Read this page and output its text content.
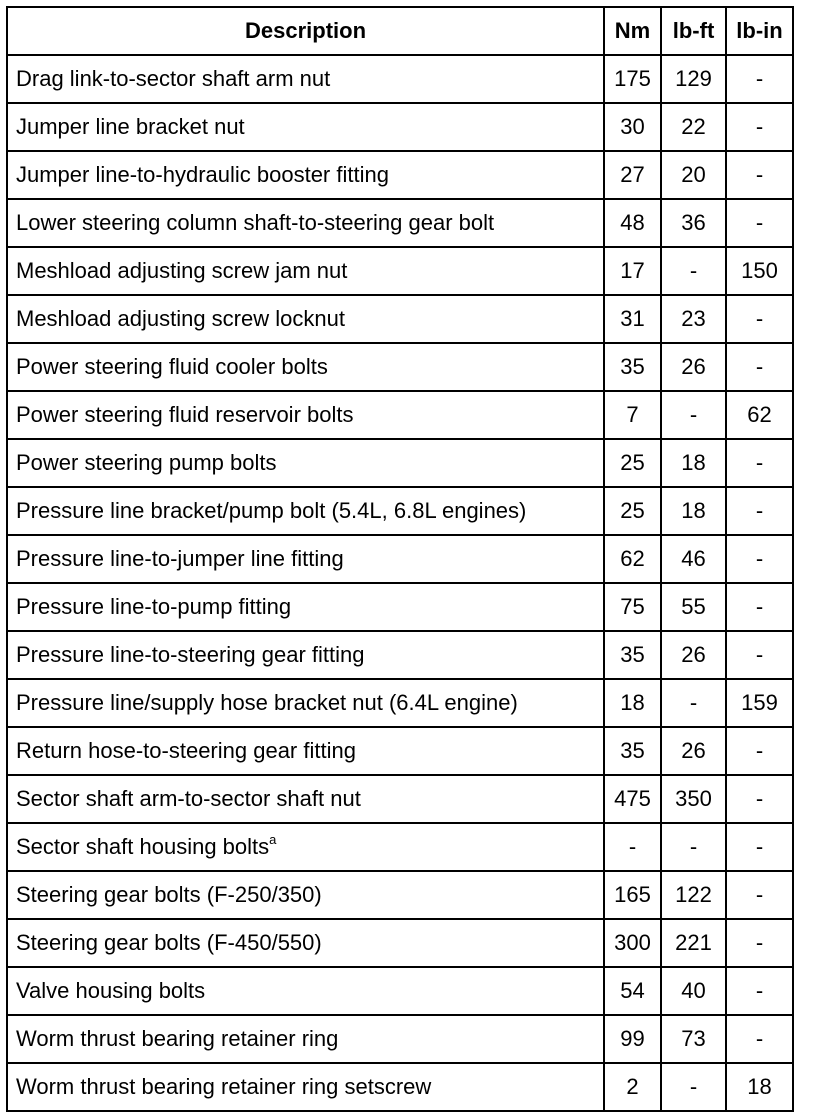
Description	Nm	lb-ft	lb-in
Drag link-to-sector shaft arm nut	175	129	-
Jumper line bracket nut	30	22	-
Jumper line-to-hydraulic booster fitting	27	20	-
Lower steering column shaft-to-steering gear bolt	48	36	-
Meshload adjusting screw jam nut	17	-	150
Meshload adjusting screw locknut	31	23	-
Power steering fluid cooler bolts	35	26	-
Power steering fluid reservoir bolts	7	-	62
Power steering pump bolts	25	18	-
Pressure line bracket/pump bolt (5.4L, 6.8L engines)	25	18	-
Pressure line-to-jumper line fitting	62	46	-
Pressure line-to-pump fitting	75	55	-
Pressure line-to-steering gear fitting	35	26	-
Pressure line/supply hose bracket nut (6.4L engine)	18	-	159
Return hose-to-steering gear fitting	35	26	-
Sector shaft arm-to-sector shaft nut	475	350	-
Sector shaft housing bolts$^a$	-	-	-
Steering gear bolts (F-250/350)	165	122	-
Steering gear bolts (F-450/550)	300	221	-
Valve housing bolts	54	40	-
Worm thrust bearing retainer ring	99	73	-
Worm thrust bearing retainer ring setscrew	2	-	18
